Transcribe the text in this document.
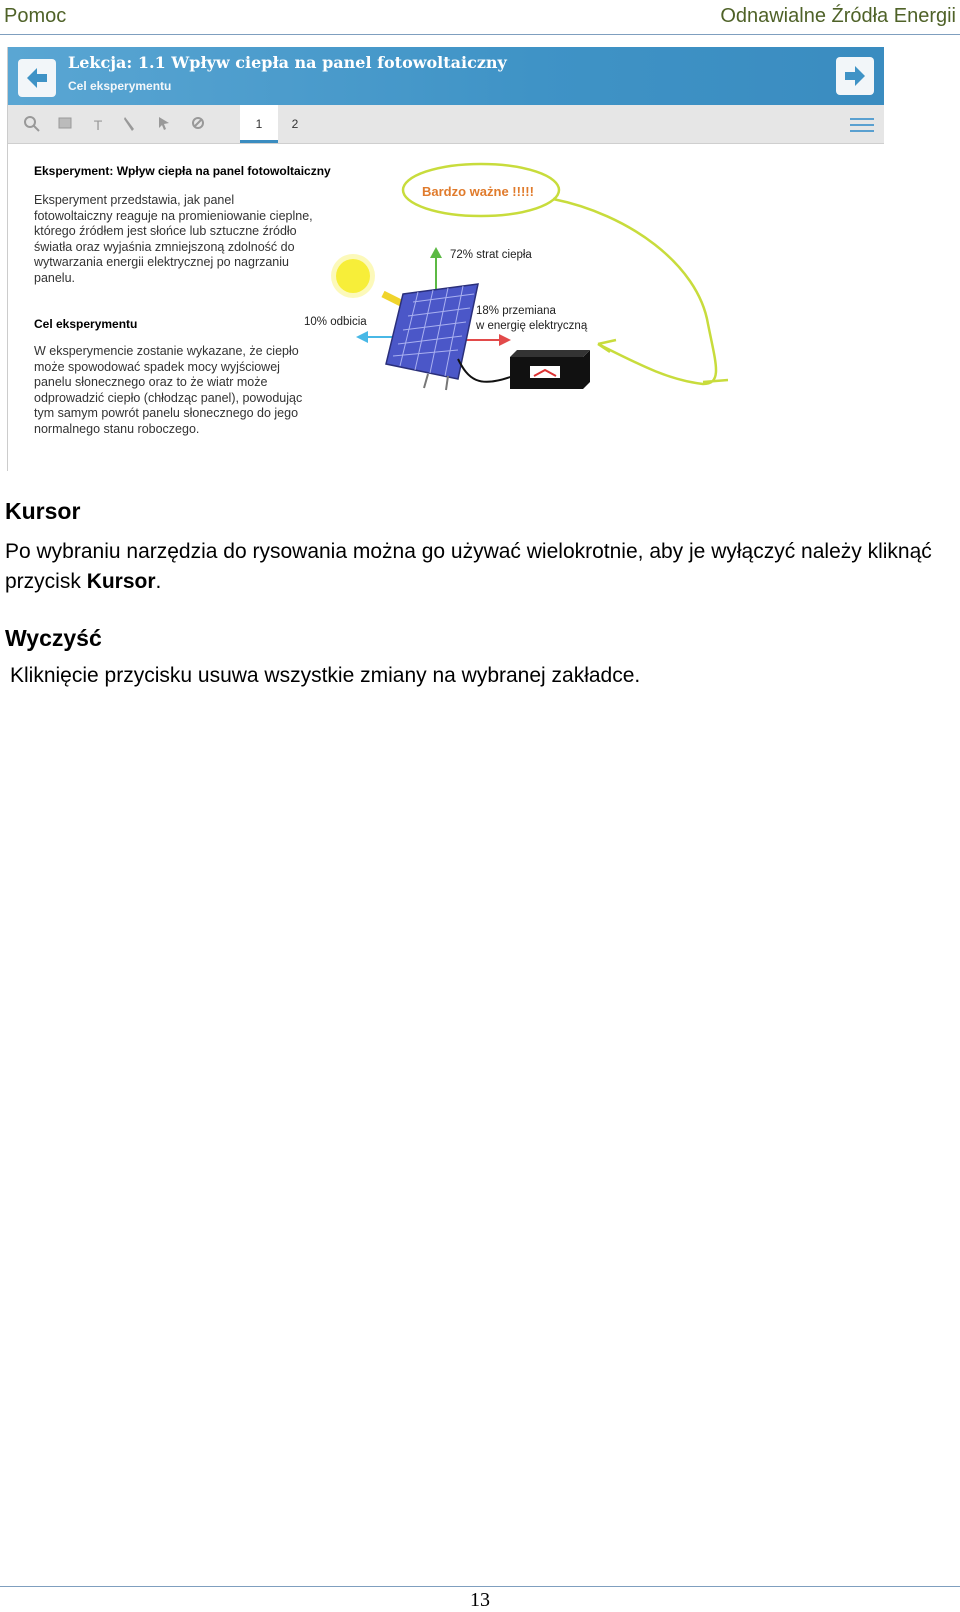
Pomoc	Odnawialne Źródła Energii
Lekcja: 1.1 Wpływ ciepła na panel fotowoltaiczny
Cel eksperymentu
T	1	2
Eksperyment: Wpływ ciepła na panel fotowoltaiczny
Eksperyment przedstawia, jak panel fotowoltaiczny reaguje na promieniowanie cieplne, którego źródłem jest słońce lub sztuczne źródło światła oraz wyjaśnia zmniejszoną zdolność do wytwarzania energii elektrycznej po nagrzaniu panelu.
Cel eksperymentu
W eksperymencie zostanie wykazane, że ciepło może spowodować spadek mocy wyjściowej panelu słonecznego oraz to że wiatr może odprowadzić ciepło (chłodząc panel), powodując tym samym powrót panelu słonecznego do jego normalnego stanu roboczego.
Bardzo ważne !!!!!
72% strat ciepła
10% odbicia
18% przemiana
w energię elektryczną
Kursor
Po wybraniu narzędzia do rysowania można go używać wielokrotnie, aby je wyłączyć należy kliknąć przycisk Kursor.
Wyczyść
Kliknięcie przycisku usuwa wszystkie zmiany na wybranej zakładce.
13
